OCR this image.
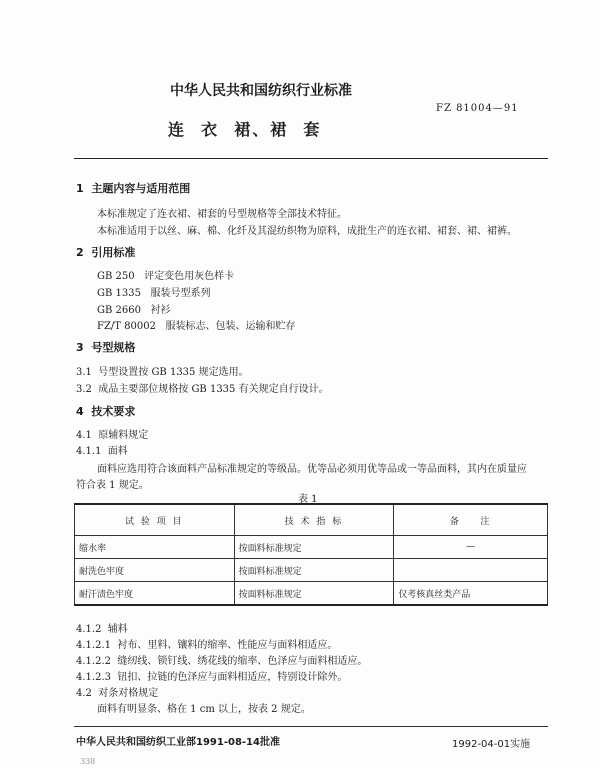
中华人民共和国纺织行业标准
FZ 81004—91
连  衣  裙、裙  套
1  主题内容与适用范围
本标准规定了连衣裙、裙套的号型规格等全部技术特征。
本标准适用于以丝、麻、棉、化纤及其混纺织物为原料，成批生产的连衣裙、裙套、裙、裙裤。
2  引用标准
GB 250   评定变色用灰色样卡
GB 1335   服装号型系列
GB 2660   衬衫
FZ/T 80002   服装标志、包装、运输和贮存
3  号型规格
3.1  号型设置按 GB 1335 规定选用。
3.2  成品主要部位规格按 GB 1335 有关规定自行设计。
4  技术要求
4.1  原辅料规定
4.1.1  面料
面料应选用符合该面料产品标准规定的等级品。优等品必须用优等品或一等品面料，其内在质量应
符合表 1 规定。
表 1
试 验 项 目	技 术 指 标	备    注
缩水率	按面料标准规定	—
耐洗色牢度	按面料标准规定	
耐汗渍色牢度	按面料标准规定	仅考核真丝类产品
4.1.2  辅料
4.1.2.1  衬布、里料、镶料的缩率、性能应与面料相适应。
4.1.2.2  缝纫线、锁钉线、绣花线的缩率、色泽应与面料相适应。
4.1.2.3  钮扣、拉链的色泽应与面料相适应，特别设计除外。
4.2  对条对格规定
面料有明显条、格在 1 cm 以上，按表 2 规定。
中华人民共和国纺织工业部1991-08-14批准	1992-04-01实施
338
